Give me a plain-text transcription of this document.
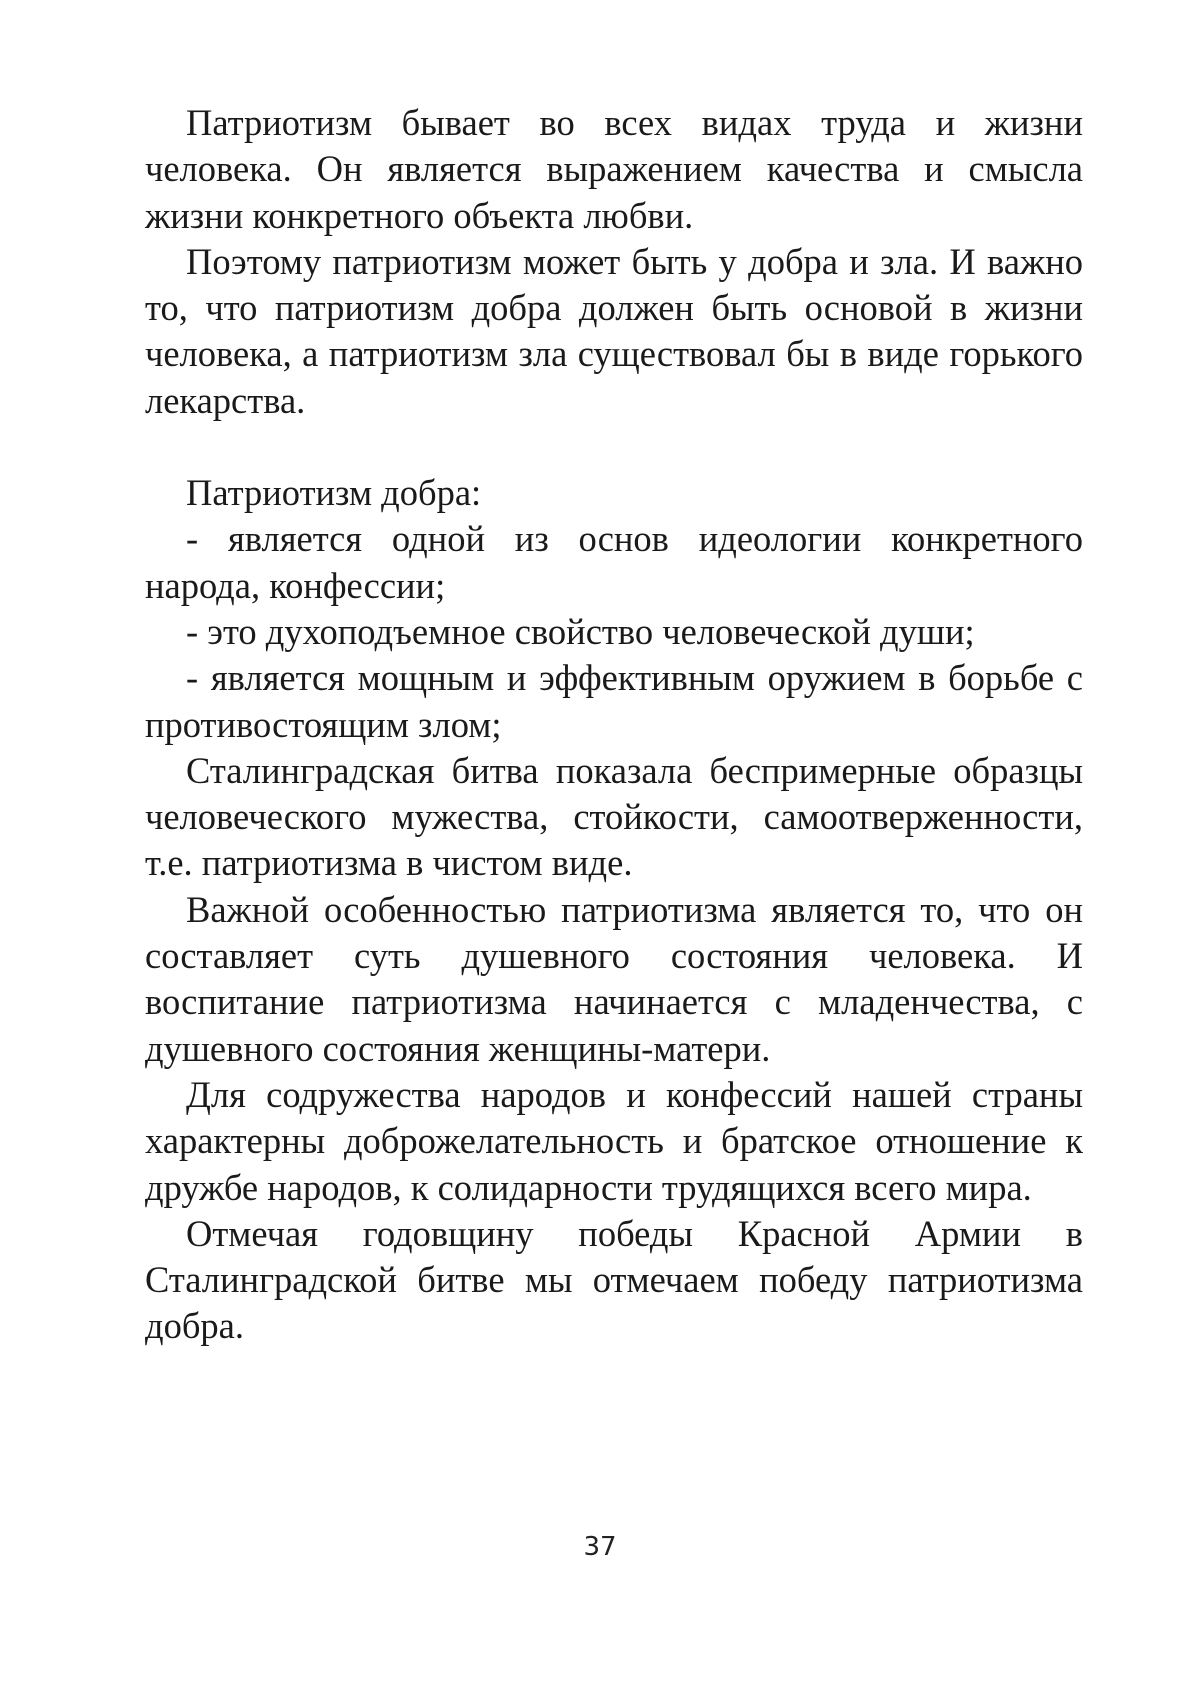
Патриотизм бывает во всех видах труда и жизни человека. Он является выражением качества и смысла жизни конкретного объекта любви.

Поэтому патриотизм может быть у добра и зла. И важно то, что патриотизм добра должен быть основой в жизни человека, а патриотизм зла существовал бы в виде горького лекарства.

Патриотизм добра:

- является одной из основ идеологии конкретного народа, конфессии;

- это духоподъемное свойство человеческой души;

- является мощным и эффективным оружием в борьбе с противостоящим злом;

Сталинградская битва показала беспримерные образцы человеческого мужества, стойкости, самоотверженности, т.е. патриотизма в чистом виде.

Важной особенностью патриотизма является то, что он составляет суть душевного состояния человека. И воспитание патриотизма начинается с младенчества, с душевного состояния женщины-матери.

Для содружества народов и конфессий нашей страны характерны доброжелательность и братское отношение к дружбе народов, к солидарности трудящихся всего мира.

Отмечая годовщину победы Красной Армии в Сталинградской битве мы отмечаем победу патриотизма добра.

37
